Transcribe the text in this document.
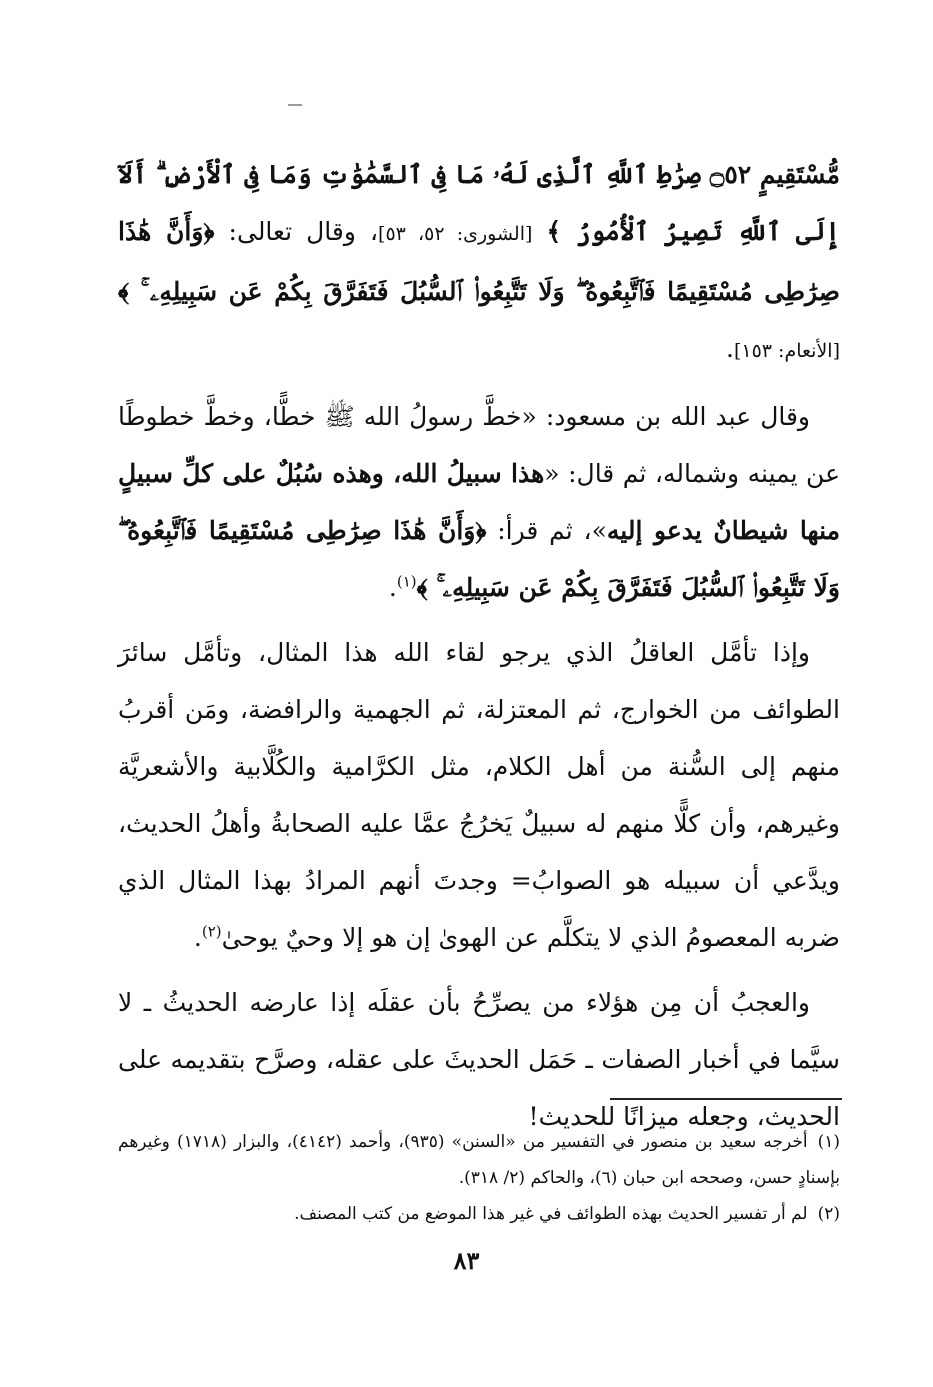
مُّسْتَقِيمٍ ۝٥٢ صِرَٰطِ ٱللَّهِ ٱلَّذِى لَهُۥ مَا فِى ٱلسَّمَٰوَٰتِ وَمَا فِى ٱلْأَرْضِ ۗ أَلَآ إِلَى ٱللَّهِ تَصِيرُ ٱلْأُمُورُ ﴾ [الشورى: ٥٢، ٥٣]، وقال تعالى: ﴿وَأَنَّ هَٰذَا صِرَٰطِى مُسْتَقِيمًا فَٱتَّبِعُوهُ ۖ وَلَا تَتَّبِعُوا۟ ٱلسُّبُلَ فَتَفَرَّقَ بِكُمْ عَن سَبِيلِهِۦ ۚ ﴾ [الأنعام: ١٥٣].

وقال عبد الله بن مسعود: «خطَّ رسولُ الله ﷺ خطًّا، وخطَّ خطوطًا عن يمينه وشماله، ثم قال: «هذا سبيلُ الله، وهذه سُبُلٌ على كلِّ سبيلٍ منها شيطانٌ يدعو إليه»، ثم قرأ: ﴿وَأَنَّ هَٰذَا صِرَٰطِى مُسْتَقِيمًا فَٱتَّبِعُوهُ ۖ وَلَا تَتَّبِعُوا۟ ٱلسُّبُلَ فَتَفَرَّقَ بِكُمْ عَن سَبِيلِهِۦ ۚ ﴾$^{(١)}$.

وإذا تأمَّل العاقلُ الذي يرجو لقاء الله هذا المثال، وتأمَّل سائرَ الطوائف من الخوارج، ثم المعتزلة، ثم الجهمية والرافضة، ومَن أقربُ منهم إلى السُّنة من أهل الكلام، مثل الكرَّامية والكُلَّابية والأشعريَّة وغيرهم، وأن كلًّا منهم له سبيلٌ يَخرُجُ عمَّا عليه الصحابةُ وأهلُ الحديث، ويدَّعي أن سبيله هو الصوابُ= وجدتَ أنهم المرادُ بهذا المثال الذي ضربه المعصومُ الذي لا يتكلَّم عن الهوىٰ إن هو إلا وحيٌ يوحىٰ$^{(٢)}$.

والعجبُ أن مِن هؤلاء من يصرِّحُ بأن عقلَه إذا عارضه الحديثُ ـ لا سيَّما في أخبار الصفات ـ حَمَل الحديثَ على عقله، وصرَّح بتقديمه على الحديث، وجعله ميزانًا للحديث!

(١)أخرجه سعيد بن منصور في التفسير من «السنن» (٩٣٥)، وأحمد (٤١٤٢)، والبزار (١٧١٨) وغيرهم بإسنادٍ حسن، وصححه ابن حبان (٦)، والحاكم (٢/ ٣١٨).

(٢)لم أر تفسير الحديث بهذه الطوائف في غير هذا الموضع من كتب المصنف.

٨٣
